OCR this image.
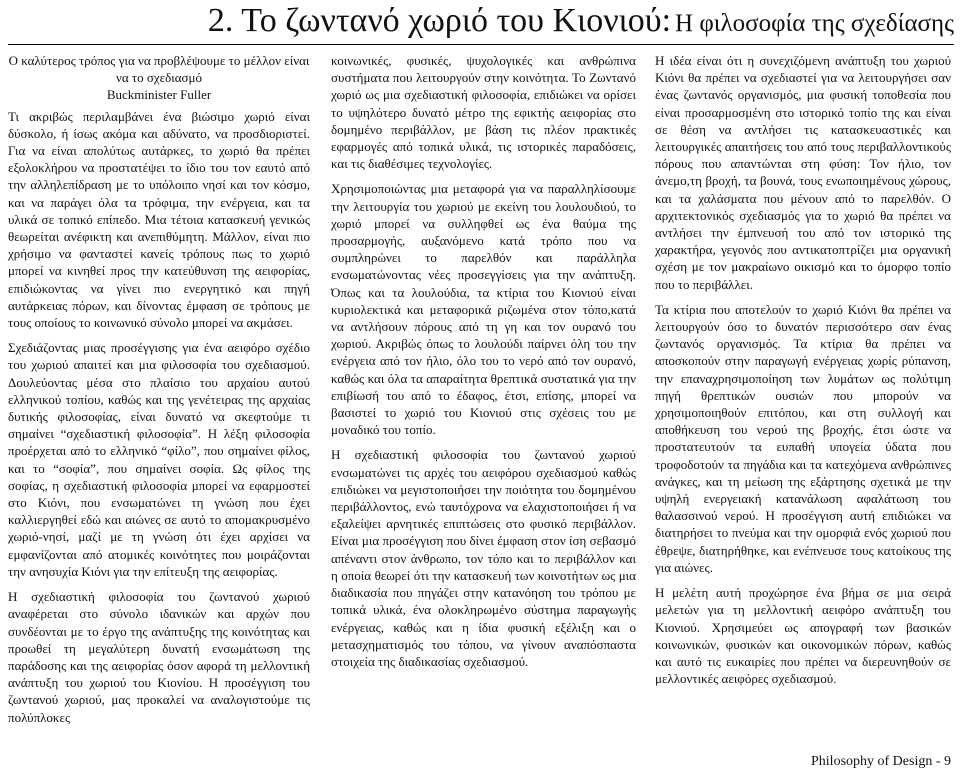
2. Το ζωντανό χωριό του Κιονιού: Η φιλοσοφία της σχεδίασης

Ο καλύτερος τρόπος για να προβλέψουμε το μέλλον είναι να το σχεδιασμό

Buckminister Fuller

Τι ακριβώς περιλαμβάνει ένα βιώσιμο χωριό είναι δύσκολο, ή ίσως ακόμα και αδύνατο, να προσδιοριστεί. Για να είναι απολύτως αυτάρκες, το χωριό θα πρέπει εξολοκλήρου να προστατέψει το ίδιο του τον εαυτό από την αλληλεπίδραση με το υπόλοιπο νησί και τον κόσμο, και να παράγει όλα τα τρόφιμα, την ενέργεια, και τα υλικά σε τοπικό επίπεδο. Μια τέτοια κατασκευή γενικώς θεωρείται ανέφικτη και ανεπιθύμητη. Μάλλον, είναι πιο χρήσιμο να φανταστεί κανείς τρόπους πως το χωριό μπορεί να κινηθεί προς την κατεύθυνση της αειφορίας, επιδιώκοντας να γίνει πιο ενεργητικό και πηγή αυτάρκειας πόρων, και δίνοντας έμφαση σε τρόπους με τους οποίους το κοινωνικό σύνολο μπορεί να ακμάσει.

Σχεδιάζοντας μιας προσέγγισης για ένα αειφόρο σχέδιο του χωριού απαιτεί και μια φιλοσοφία του σχεδιασμού. Δουλεύοντας μέσα στο πλαίσιο του αρχαίου αυτού ελληνικού τοπίου, καθώς και της γενέτειρας της αρχαίας δυτικής φιλοσοφίας, είναι δυνατό να σκεφτούμε τι σημαίνει “σχεδιαστική φιλοσοφία”. Η λέξη φιλοσοφία προέρχεται από το ελληνικό “φίλο”, που σημαίνει φίλος, και το “σοφία”, που σημαίνει σοφία. Ως φίλος της σοφίας, η σχεδιαστική φιλοσοφία μπορεί να εφαρμοστεί στο Κιόνι, που ενσωματώνει τη γνώση που έχει καλλιεργηθεί εδώ και αιώνες σε αυτό το απομακρυσμένο χωριό-νησί, μαζί με τη γνώση ότι έχει αρχίσει να εμφανίζονται από ατομικές κοινότητες που μοιράζονται την ανησυχία Κιόνι για την επίτευξη της αειφορίας.

Η σχεδιαστική φιλοσοφία του ζωντανού χωριού αναφέρεται στο σύνολο ιδανικών και αρχών που συνδέονται με το έργο της ανάπτυξης της κοινότητας και προωθεί τη μεγαλύτερη δυνατή ενσωμάτωση της παράδοσης και της αειφορίας όσον αφορά τη μελλοντική ανάπτυξη του χωριού του Κιονίου. Η προσέγγιση του ζωντανού χωριού, μας προκαλεί να αναλογιστούμε τις πολύπλοκες

κοινωνικές, φυσικές, ψυχολογικές και ανθρώπινα συστήματα που λειτουργούν στην κοινότητα. Το Ζωντανό χωριό ως μια σχεδιαστική φιλοσοφία, επιδιώκει να ορίσει το υψηλότερο δυνατό μέτρο της εφικτής αειφορίας στο δομημένο περιβάλλον, με βάση τις πλέον πρακτικές εφαρμογές από τοπικά υλικά, τις ιστορικές παραδόσεις, και τις διαθέσιμες τεχνολογίες.

Χρησιμοποιώντας μια μεταφορά για να παραλληλίσουμε την λειτουργία του χωριού με εκείνη του λουλουδιού, το χωριό μπορεί να συλληφθεί ως ένα θαύμα της προσαρμογής, αυξανόμενο κατά τρόπο που να συμπληρώνει το παρελθόν και παράλληλα ενσωματώνοντας νέες προσεγγίσεις για την ανάπτυξη. Όπως και τα λουλούδια, τα κτίρια του Κιονιού είναι κυριολεκτικά και μεταφορικά ριζωμένα στον τόπο,κατά να αντλήσουν πόρους από τη γη και τον ουρανό του χωριού. Ακριβώς όπως το λουλούδι παίρνει όλη του την ενέργεια από τον ήλιο, όλο του το νερό από τον ουρανό, καθώς και όλα τα απαραίτητα θρεπτικά συστατικά για την επιβίωσή του από το έδαφος, έτσι, επίσης, μπορεί να βασιστεί το χωριό του Κιονιού στις σχέσεις του με μοναδικό του τοπίο.

Η σχεδιαστική φιλοσοφία του ζωντανού χωριού ενσωματώνει τις αρχές του αειφόρου σχεδιασμού καθώς επιδιώκει να μεγιστοποιήσει την ποιότητα του δομημένου περιβάλλοντος, ενώ ταυτόχρονα να ελαχιστοποιήσει ή να εξαλείψει αρνητικές επιπτώσεις στο φυσικό περιβάλλον. Είναι μια προσέγγιση που δίνει έμφαση στον ίση σεβασμό απέναντι στον άνθρωπο, τον τόπο και το περιβάλλον και η οποία θεωρεί ότι την κατασκευή των κοινοτήτων ως μια διαδικασία που πηγάζει στην κατανόηση του τρόπου με τοπικά υλικά, ένα ολοκληρωμένο σύστημα παραγωγής ενέργειας, καθώς και η ίδια φυσική εξέλιξη και ο μετασχηματισμός του τόπου, να γίνουν αναπόσπαστα στοιχεία της διαδικασίας σχεδιασμού.

Η ιδέα είναι ότι η συνεχιζόμενη ανάπτυξη του χωριού Κιόνι θα πρέπει να σχεδιαστεί για να λειτουργήσει σαν ένας ζωντανός οργανισμός, μια φυσική τοποθεσία που είναι προσαρμοσμένη στο ιστορικό τοπίο της και είναι σε θέση να αντλήσει τις κατασκευαστικές και λειτουργικές απαιτήσεις του από τους περιβαλλοντικούς πόρους που απαντώνται στη φύση: Τον ήλιο, τον άνεμο,τη βροχή, τα βουνά, τους ενωποιημένους χώρους, και τα χαλάσματα που μένουν από το παρελθόν. Ο αρχιτεκτονικός σχεδιασμός για το χωριό θα πρέπει να αντλήσει την έμπνευσή του από τον ιστορικό της χαρακτήρα, γεγονός που αντικατοπτρίζει μια οργανική σχέση με τον μακραίωνο οικισμό και το όμορφο τοπίο που το περιβάλλει.

Τα κτίρια που αποτελούν το χωριό Κιόνι θα πρέπει να λειτουργούν όσο το δυνατόν περισσότερο σαν ένας ζωντανός οργανισμός. Τα κτίρια θα πρέπει να αποσκοπούν στην παραγωγή ενέργειας χωρίς ρύπανση, την επαναχρησιμοποίηση των λυμάτων ως πολύτιμη πηγή θρεπτικών ουσιών που μπορούν να χρησιμοποιηθούν επιτόπου, και στη συλλογή και αποθήκευση του νερού της βροχής, έτσι ώστε να προστατευτούν τα ευπαθή υπογεία ύδατα που τροφοδοτούν τα πηγάδια και τα κατεχόμενα ανθρώπινες ανάγκες, και τη μείωση της εξάρτησης σχετικά με την υψηλή ενεργειακή κατανάλωση αφαλάτωση του θαλασσινού νερού. Η προσέγγιση αυτή επιδιώκει να διατηρήσει το πνεύμα και την ομορφιά ενός χωριού που έθρεψε, διατηρήθηκε, και ενέπνευσε τους κατοίκους της για αιώνες.

Η μελέτη αυτή προχώρησε ένα βήμα σε μια σειρά μελετών για τη μελλοντική αειφόρο ανάπτυξη του Κιονιού. Χρησιμεύει ως απογραφή των βασικών κοινωνικών, φυσικών και οικονομικών πόρων, καθώς και αυτό τις ευκαιρίες που πρέπει να διερευνηθούν σε μελλοντικές αειφόρες σχεδιασμού.

Philosophy of Design - 9
